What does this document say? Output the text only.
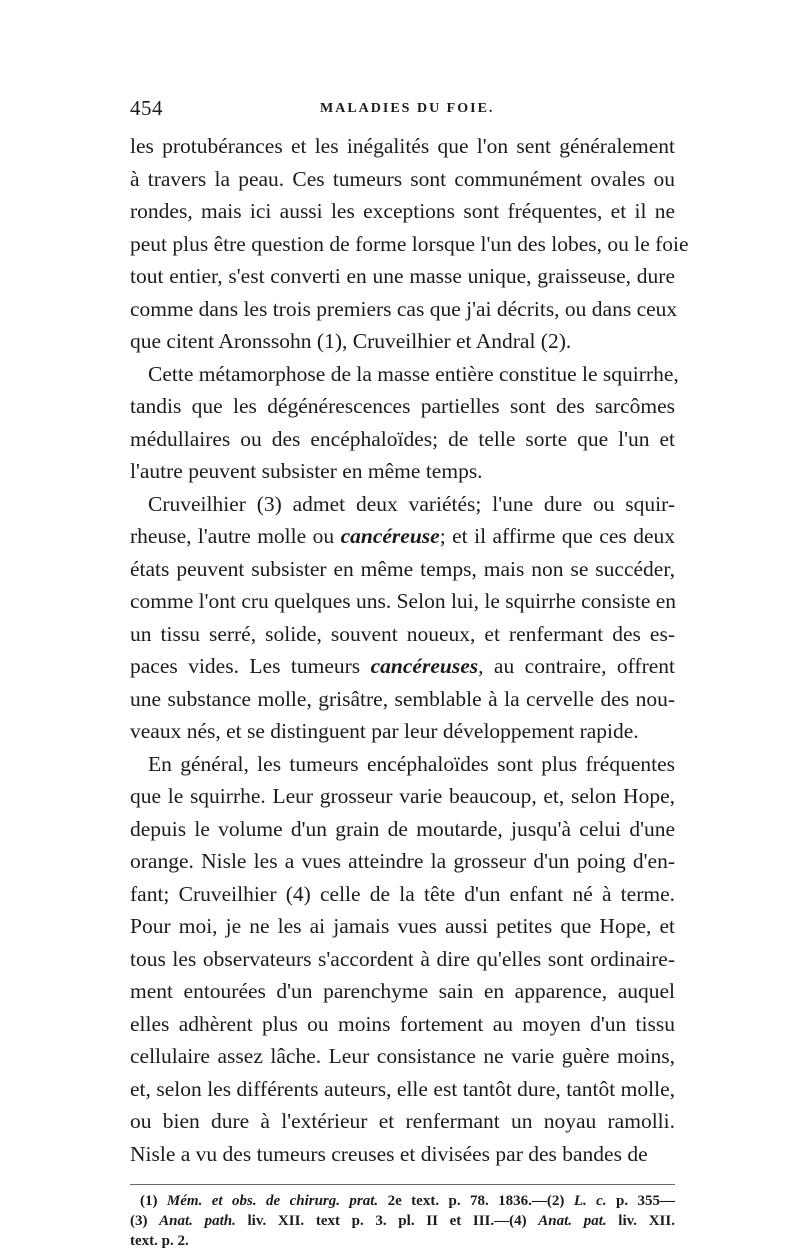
454	MALADIES DU FOIE.
les protubérances et les inégalités que l'on sent généralement
à travers la peau. Ces tumeurs sont communément ovales ou
rondes, mais ici aussi les exceptions sont fréquentes, et il ne
peut plus être question de forme lorsque l'un des lobes, ou le foie
tout entier, s'est converti en une masse unique, graisseuse, dure
comme dans les trois premiers cas que j'ai décrits, ou dans ceux
que citent Aronssohn (1), Cruveilhier et Andral (2).
Cette métamorphose de la masse entière constitue le squirrhe,
tandis que les dégénérescences partielles sont des sarcômes
médullaires ou des encéphaloïdes; de telle sorte que l'un et
l'autre peuvent subsister en même temps.
Cruveilhier (3) admet deux variétés; l'une dure ou squir-
rheuse, l'autre molle ou cancéreuse; et il affirme que ces deux
états peuvent subsister en même temps, mais non se succéder,
comme l'ont cru quelques uns. Selon lui, le squirrhe consiste en
un tissu serré, solide, souvent noueux, et renfermant des es-
paces vides. Les tumeurs cancéreuses, au contraire, offrent
une substance molle, grisâtre, semblable à la cervelle des nou-
veaux nés, et se distinguent par leur développement rapide.
En général, les tumeurs encéphaloïdes sont plus fréquentes
que le squirrhe. Leur grosseur varie beaucoup, et, selon Hope,
depuis le volume d'un grain de moutarde, jusqu'à celui d'une
orange. Nisle les a vues atteindre la grosseur d'un poing d'en-
fant; Cruveilhier (4) celle de la tête d'un enfant né à terme.
Pour moi, je ne les ai jamais vues aussi petites que Hope, et
tous les observateurs s'accordent à dire qu'elles sont ordinaire-
ment entourées d'un parenchyme sain en apparence, auquel
elles adhèrent plus ou moins fortement au moyen d'un tissu
cellulaire assez lâche. Leur consistance ne varie guère moins,
et, selon les différents auteurs, elle est tantôt dure, tantôt molle,
ou bien dure à l'extérieur et renfermant un noyau ramolli.
Nisle a vu des tumeurs creuses et divisées par des bandes de
(1) Mém. et obs. de chirurg. prat. 2e text. p. 78. 1836.—(2) L. c. p. 355—
(3) Anat. path. liv. XII. text p. 3. pl. II et III.—(4) Anat. pat. liv. XII.
text. p. 2.
